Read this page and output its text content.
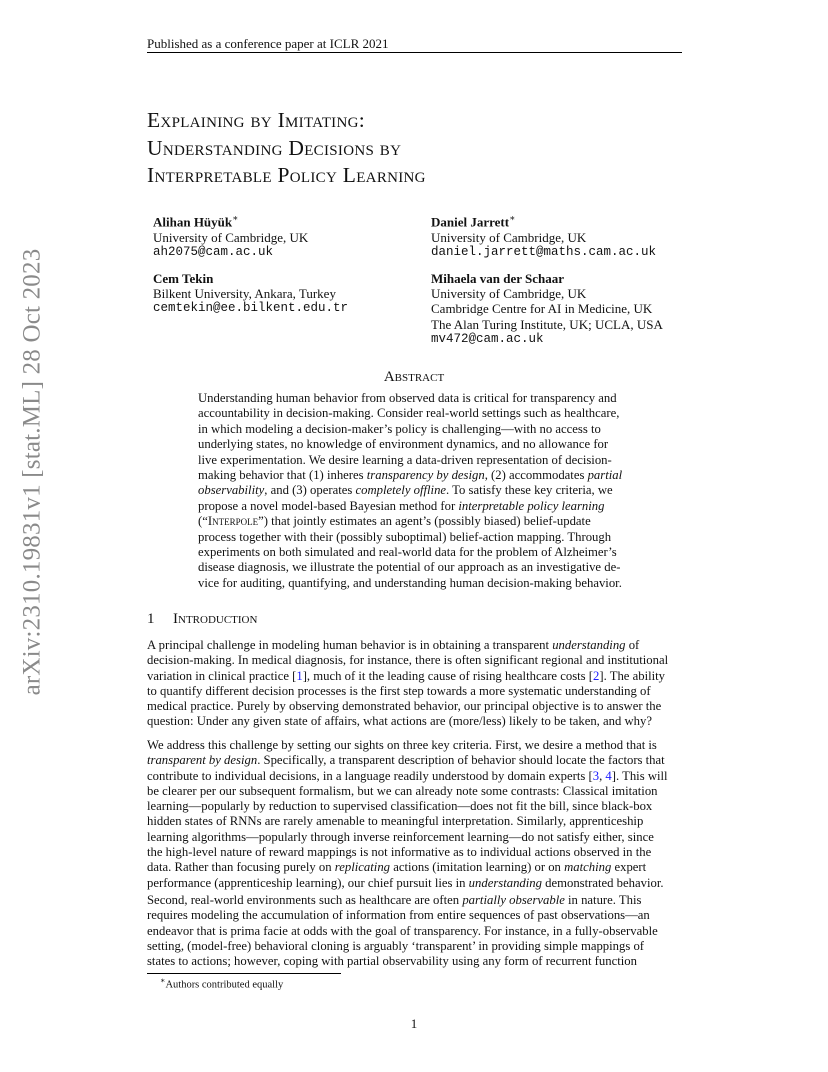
Published as a conference paper at ICLR 2021
arXiv:2310.19831v1 [stat.ML] 28 Oct 2023
Explaining by Imitating:
Understanding Decisions by
Interpretable Policy Learning
Alihan Hüyük∗
University of Cambridge, UK
ah2075@cam.ac.uk
Daniel Jarrett∗
University of Cambridge, UK
daniel.jarrett@maths.cam.ac.uk
Cem Tekin
Bilkent University, Ankara, Turkey
cemtekin@ee.bilkent.edu.tr
Mihaela van der Schaar
University of Cambridge, UK
Cambridge Centre for AI in Medicine, UK
The Alan Turing Institute, UK; UCLA, USA
mv472@cam.ac.uk
Abstract
Understanding human behavior from observed data is critical for transparency and
accountability in decision-making. Consider real-world settings such as healthcare,
in which modeling a decision-maker’s policy is challenging—with no access to
underlying states, no knowledge of environment dynamics, and no allowance for
live experimentation. We desire learning a data-driven representation of decision-
making behavior that (1) inheres transparency by design, (2) accommodates partial
observability, and (3) operates completely offline. To satisfy these key criteria, we
propose a novel model-based Bayesian method for interpretable policy learning
(“Interpole”) that jointly estimates an agent’s (possibly biased) belief-update
process together with their (possibly suboptimal) belief-action mapping. Through
experiments on both simulated and real-world data for the problem of Alzheimer’s
disease diagnosis, we illustrate the potential of our approach as an investigative de-
vice for auditing, quantifying, and understanding human decision-making behavior.
1 Introduction
A principal challenge in modeling human behavior is in obtaining a transparent understanding of
decision-making. In medical diagnosis, for instance, there is often significant regional and institutional
variation in clinical practice [1], much of it the leading cause of rising healthcare costs [2]. The ability
to quantify different decision processes is the first step towards a more systematic understanding of
medical practice. Purely by observing demonstrated behavior, our principal objective is to answer the
question: Under any given state of affairs, what actions are (more/less) likely to be taken, and why?
We address this challenge by setting our sights on three key criteria. First, we desire a method that is
transparent by design. Specifically, a transparent description of behavior should locate the factors that
contribute to individual decisions, in a language readily understood by domain experts [3, 4]. This will
be clearer per our subsequent formalism, but we can already note some contrasts: Classical imitation
learning—popularly by reduction to supervised classification—does not fit the bill, since black-box
hidden states of RNNs are rarely amenable to meaningful interpretation. Similarly, apprenticeship
learning algorithms—popularly through inverse reinforcement learning—do not satisfy either, since
the high-level nature of reward mappings is not informative as to individual actions observed in the
data. Rather than focusing purely on replicating actions (imitation learning) or on matching expert
performance (apprenticeship learning), our chief pursuit lies in understanding demonstrated behavior.
Second, real-world environments such as healthcare are often partially observable in nature. This
requires modeling the accumulation of information from entire sequences of past observations—an
endeavor that is prima facie at odds with the goal of transparency. For instance, in a fully-observable
setting, (model-free) behavioral cloning is arguably ‘transparent’ in providing simple mappings of
states to actions; however, coping with partial observability using any form of recurrent function
∗Authors contributed equally
1
